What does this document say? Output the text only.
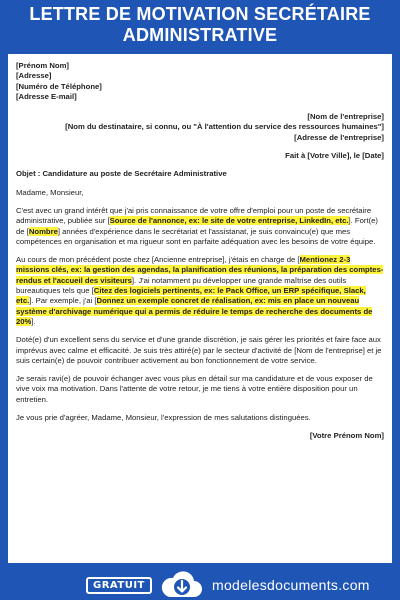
LETTRE DE MOTIVATION SECRÉTAIRE
ADMINISTRATIVE
[Prénom Nom]
[Adresse]
[Numéro de Téléphone]
[Adresse E-mail]
[Nom de l'entreprise]
[Nom du destinataire, si connu, ou "À l'attention du service des ressources humaines"]
[Adresse de l'entreprise]
Fait à [Votre Ville], le [Date]
Objet : Candidature au poste de Secrétaire Administrative
Madame, Monsieur,
C'est avec un grand intérêt que j'ai pris connaissance de votre offre d'emploi pour un poste de secrétaire administrative, publiée sur [Source de l'annonce, ex: le site de votre entreprise, LinkedIn, etc.]. Fort(e) de [Nombre] années d'expérience dans le secrétariat et l'assistanat, je suis convaincu(e) que mes compétences en organisation et ma rigueur sont en parfaite adéquation avec les besoins de votre équipe.
Au cours de mon précédent poste chez [Ancienne entreprise], j'étais en charge de [Mentionez 2-3 missions clés, ex: la gestion des agendas, la planification des réunions, la préparation des comptes-rendus et l'accueil des visiteurs]. J'ai notamment pu développer une grande maîtrise des outils bureautiques tels que [Citez des logiciels pertinents, ex: le Pack Office, un ERP spécifique, Slack, etc.]. Par exemple, j'ai [Donnez un exemple concret de réalisation, ex: mis en place un nouveau système d'archivage numérique qui a permis de réduire le temps de recherche des documents de 20%].
Doté(e) d'un excellent sens du service et d'une grande discrétion, je sais gérer les priorités et faire face aux imprévus avec calme et efficacité. Je suis très attiré(e) par le secteur d'activité de [Nom de l'entreprise] et je suis certain(e) de pouvoir contribuer activement au bon fonctionnement de votre service.
Je serais ravi(e) de pouvoir échanger avec vous plus en détail sur ma candidature et de vous exposer de vive voix ma motivation. Dans l'attente de votre retour, je me tiens à votre entière disposition pour un entretien.
Je vous prie d'agréer, Madame, Monsieur, l'expression de mes salutations distinguées.
[Votre Prénom Nom]
GRATUIT	modelesdocuments.com
